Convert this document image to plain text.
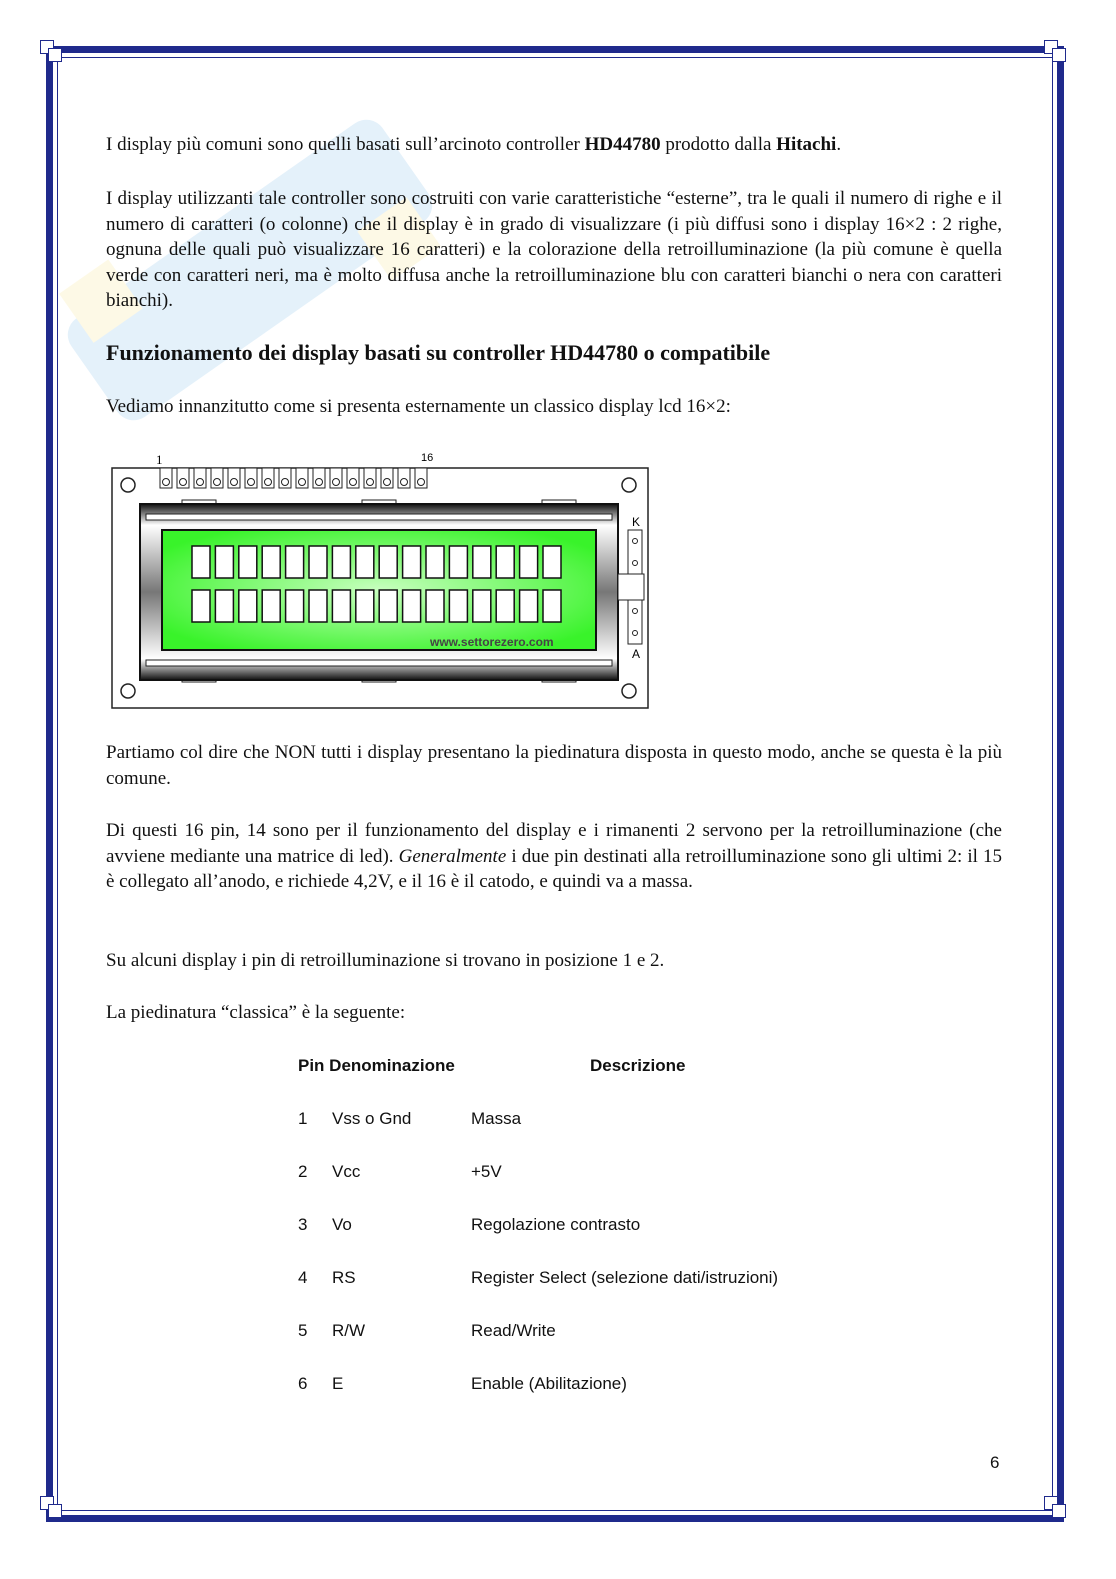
I display più comuni sono quelli basati sull’arcinoto controller HD44780 prodotto dalla Hitachi.

I display utilizzanti tale controller sono costruiti con varie caratteristiche “esterne”, tra le quali il numero di righe e il numero di caratteri (o colonne) che il display è in grado di visualizzare (i più diffusi sono i display 16×2 : 2 righe, ognuna delle quali può visualizzare 16 caratteri) e la colorazione della retroilluminazione (la più comune è quella verde con caratteri neri, ma è molto diffusa anche la retroilluminazione blu con caratteri bianchi o nera con caratteri bianchi).

Funzionamento dei display basati su controller HD44780 o compatibile

Vediamo innanzitutto come si presenta esternamente un classico display lcd 16×2:

1	16
www.settorezero.com
K
A

Partiamo col dire che NON tutti i display presentano la piedinatura disposta in questo modo, anche se questa è la più comune.

Di questi 16 pin, 14 sono per il funzionamento del display e i rimanenti 2 servono per la retroilluminazione (che avviene mediante una matrice di led). Generalmente i due pin destinati alla retroilluminazione sono gli ultimi 2: il 15 è collegato all’anodo, e richiede 4,2V, e il 16 è il catodo, e quindi va a massa.

Su alcuni display i pin di retroilluminazione si trovano in posizione 1 e 2.

La piedinatura “classica” è la seguente:

Pin Denominazione	Descrizione
1 Vss o Gnd	Massa
2 Vcc	+5V
3 Vo	Regolazione contrasto
4 RS	Register Select (selezione dati/istruzioni)
5 R/W	Read/Write
6 E	Enable (Abilitazione)
6
